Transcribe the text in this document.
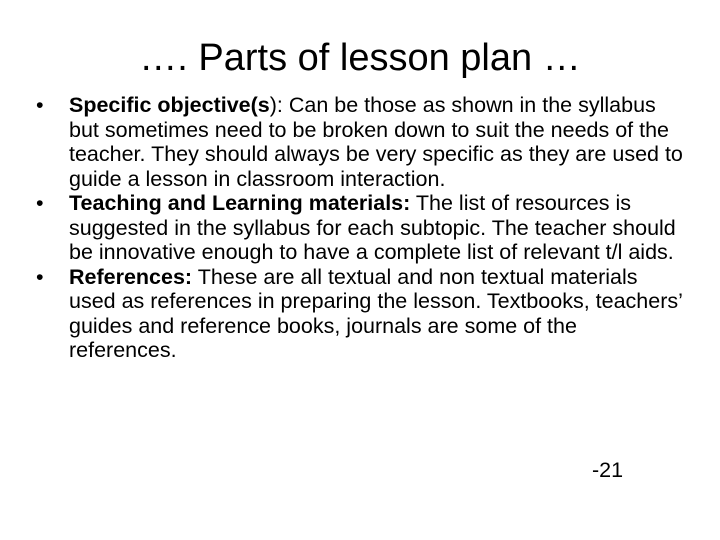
…. Parts of lesson plan …
•	Specific objective(s): Can be those as shown in the syllabus but sometimes need to be broken down to suit the needs of the teacher. They should always be very specific as they are used to guide a lesson in classroom interaction.
•	Teaching and Learning materials: The list of resources is suggested in the syllabus for each subtopic. The teacher should be innovative enough to have a complete list of relevant t/l aids.
•	References: These are all textual and non textual materials used as references in preparing the lesson. Textbooks, teachers’ guides and reference books, journals are some of the references.
-21
